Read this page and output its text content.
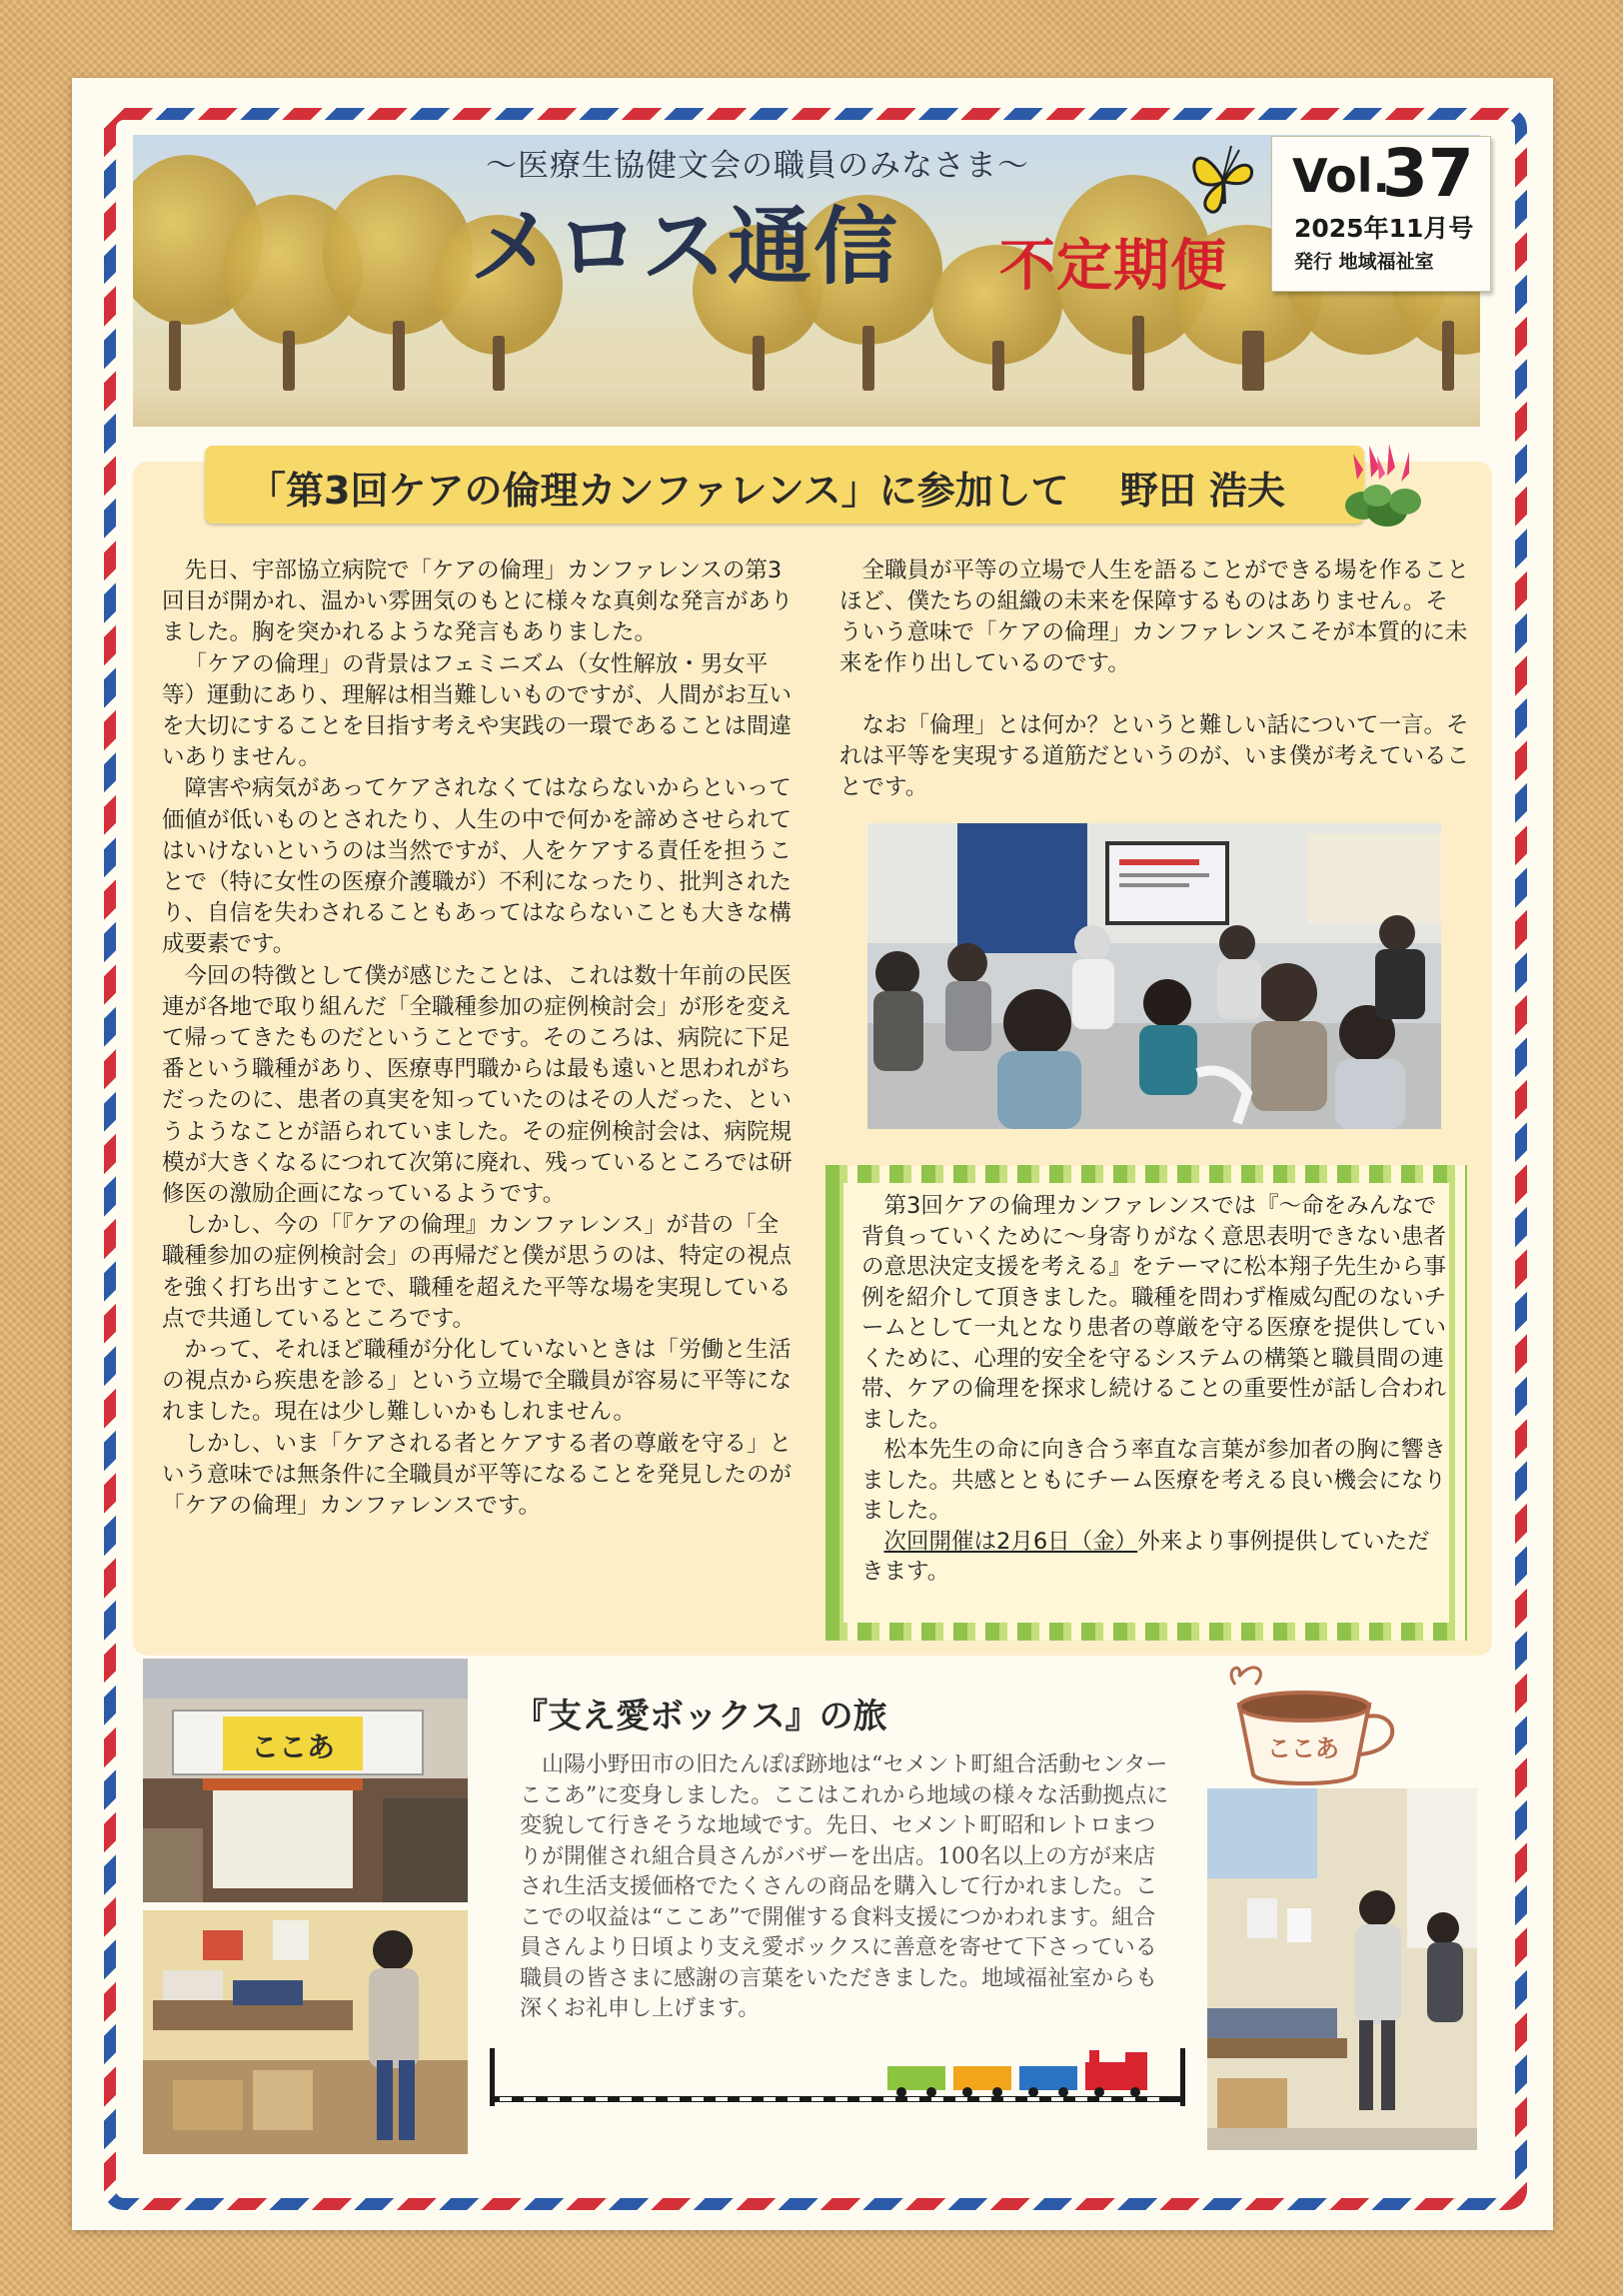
〜医療生協健文会の職員のみなさま〜
メロス通信 不定期便
Vol.
37
2025年11月号
発行 地域福祉室
「第3回ケアの倫理カンファレンス」に参加して　 野田 浩夫

先日、宇部協立病院で「ケアの倫理」カンファレンスの第3回目が開かれ、温かい雰囲気のもとに様々な真剣な発言がありました。胸を突かれるような発言もありました。

「ケアの倫理」の背景はフェミニズム（女性解放・男女平等）運動にあり、理解は相当難しいものですが、人間がお互いを大切にすることを目指す考えや実践の一環であることは間違いありません。

障害や病気があってケアされなくてはならないからといって価値が低いものとされたり、人生の中で何かを諦めさせられてはいけないというのは当然ですが、人をケアする責任を担うことで（特に女性の医療介護職が）不利になったり、批判されたり、自信を失わされることもあってはならないことも大きな構成要素です。

今回の特徴として僕が感じたことは、これは数十年前の民医連が各地で取り組んだ「全職種参加の症例検討会」が形を変えて帰ってきたものだということです。そのころは、病院に下足番という職種があり、医療専門職からは最も遠いと思われがちだったのに、患者の真実を知っていたのはその人だった、というようなことが語られていました。その症例検討会は、病院規模が大きくなるにつれて次第に廃れ、残っているところでは研修医の激励企画になっているようです。

しかし、今の「『ケアの倫理』カンファレンス」が昔の「全職種参加の症例検討会」の再帰だと僕が思うのは、特定の視点を強く打ち出すことで、職種を超えた平等な場を実現している点で共通しているところです。

かって、それほど職種が分化していないときは「労働と生活の視点から疾患を診る」という立場で全職員が容易に平等になれました。現在は少し難しいかもしれません。

しかし、いま「ケアされる者とケアする者の尊厳を守る」という意味では無条件に全職員が平等になることを発見したのが「ケアの倫理」カンファレンスです。

全職員が平等の立場で人生を語ることができる場を作ることほど、僕たちの組織の未来を保障するものはありません。そういう意味で「ケアの倫理」カンファレンスこそが本質的に未来を作り出しているのです。

なお「倫理」とは何か？というと難しい話について一言。それは平等を実現する道筋だというのが、いま僕が考えていることです。

第3回ケアの倫理カンファレンスでは『〜命をみんなで背負っていくために〜身寄りがなく意思表明できない患者の意思決定支援を考える』をテーマに松本翔子先生から事例を紹介して頂きました。職種を問わず権威勾配のないチームとして一丸となり患者の尊厳を守る医療を提供していくために、心理的安全を守るシステムの構築と職員間の連帯、ケアの倫理を探求し続けることの重要性が話し合われました。

松本先生の命に向き合う率直な言葉が参加者の胸に響きました。共感とともにチーム医療を考える良い機会になりました。

次回開催は2月6日（金）外来より事例提供していただきます。

ここあ
『支え愛ボックス』の旅

山陽小野田市の旧たんぽぽ跡地は“セメント町組合活動センター ここあ”に変身しました。ここはこれから地域の様々な活動拠点に変貌して行きそうな地域です。先日、セメント町昭和レトロまつりが開催され組合員さんがバザーを出店。100名以上の方が来店され生活支援価格でたくさんの商品を購入して行かれました。ここでの収益は“ここあ”で開催する食料支援につかわれます。組合員さんより日頃より支え愛ボックスに善意を寄せて下さっている職員の皆さまに感謝の言葉をいただきました。地域福祉室からも深くお礼申し上げます。

ここあ
